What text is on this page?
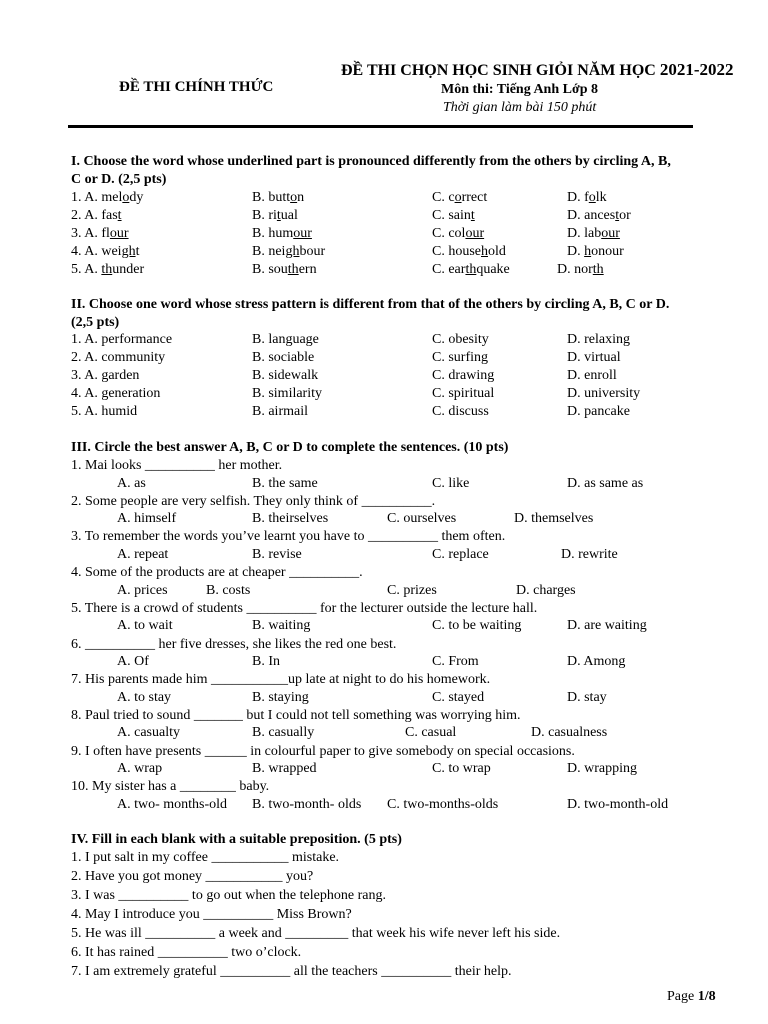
ĐỀ THI CHÍNH THỨC
ĐỀ THI CHỌN HỌC SINH GIỎI NĂM HỌC 2021-2022
Môn thi: Tiếng Anh Lớp 8
Thời gian làm bài 150 phút
I. Choose the word whose underlined part is pronounced differently from the others by circling A, B,
C or D. (2,5 pts)
1. A. melody	B. button	C. correct	D. folk
2. A. fast	B. ritual	C. saint	D. ancestor
3. A. flour	B. humour	C. colour	D. labour
4. A. weight	B. neighbour	C. household	D. honour
5. A. thunder	B. southern	C. earthquake	D. north
II. Choose one word whose stress pattern is different from that of the others by circling A, B, C or D.
(2,5 pts)
1. A. performance	B. language	C. obesity	D. relaxing
2. A. community	B. sociable	C. surfing	D. virtual
3. A. garden	B. sidewalk	C. drawing	D. enroll
4. A. generation	B. similarity	C. spiritual	D. university
5. A. humid	B. airmail	C. discuss	D. pancake
III. Circle the best answer A, B, C or D to complete the sentences. (10 pts)
1. Mai looks __________ her mother.
A. as	B. the same	C. like	D. as same as
2. Some people are very selfish. They only think of __________.
A. himself	B. theirselves	C. ourselves	D. themselves
3. To remember the words you’ve learnt you have to __________ them often.
A. repeat	B. revise	C. replace	D. rewrite
4. Some of the products are at cheaper __________.
A. prices	B. costs	C. prizes	D. charges
5. There is a crowd of students __________ for the lecturer outside the lecture hall.
A. to wait	B. waiting	C. to be waiting	D. are waiting
6. __________ her five dresses, she likes the red one best.
A. Of	B. In	C. From	D. Among
7. His parents made him ___________up late at night to do his homework.
A. to stay	B. staying	C. stayed	D. stay
8. Paul tried to sound _______ but I could not tell something was worrying him.
A. casualty	B. casually	C. casual	D. casualness
9. I often have presents ______ in colourful paper to give somebody on special occasions.
A. wrap	B. wrapped	C. to wrap	D. wrapping
10. My sister has a ________ baby.
A. two- months-old B. two-month- olds C. two-months-olds	D. two-month-old
IV. Fill in each blank with a suitable preposition. (5 pts)
1. I put salt in my coffee ___________ mistake.
2. Have you got money ___________ you?
3. I was __________ to go out when the telephone rang.
4. May I introduce you __________ Miss Brown?
5. He was ill __________ a week and _________ that week his wife never left his side.
6. It has rained __________ two o’clock.
7. I am extremely grateful __________ all the teachers __________ their help.
Page 1/8
